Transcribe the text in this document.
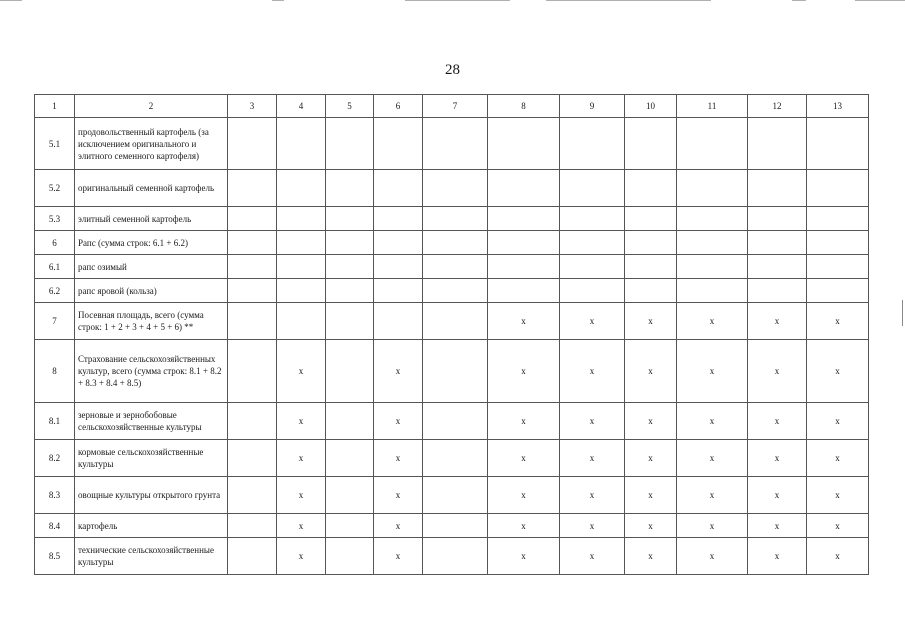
28
1	2	3	4	5	6	7	8	9	10	11	12	13
5.1	продовольственный картофель (за исключением оригинального и элитного семенного картофеля)											
5.2	оригинальный семенной картофель											
5.3	элитный семенной картофель											
6	Рапс (сумма строк: 6.1 + 6.2)											
6.1	рапс озимый											
6.2	рапс яровой (кольза)											
7	Посевная площадь, всего (сумма строк: 1 + 2 + 3 + 4 + 5 + 6) **						x	x	x	x	x	x
8	Страхование сельскохозяйственных культур, всего (сумма строк: 8.1 + 8.2 + 8.3 + 8.4 + 8.5)		x		x		x	x	x	x	x	x
8.1	зерновые и зернобобовые сельскохозяйственные культуры		x		x		x	x	x	x	x	x
8.2	кормовые сельскохозяйственные культуры		x		x		x	x	x	x	x	x
8.3	овощные культуры открытого грунта		x		x		x	x	x	x	x	x
8.4	картофель		x		x		x	x	x	x	x	x
8.5	технические сельскохозяйственные культуры		x		x		x	x	x	x	x	x
